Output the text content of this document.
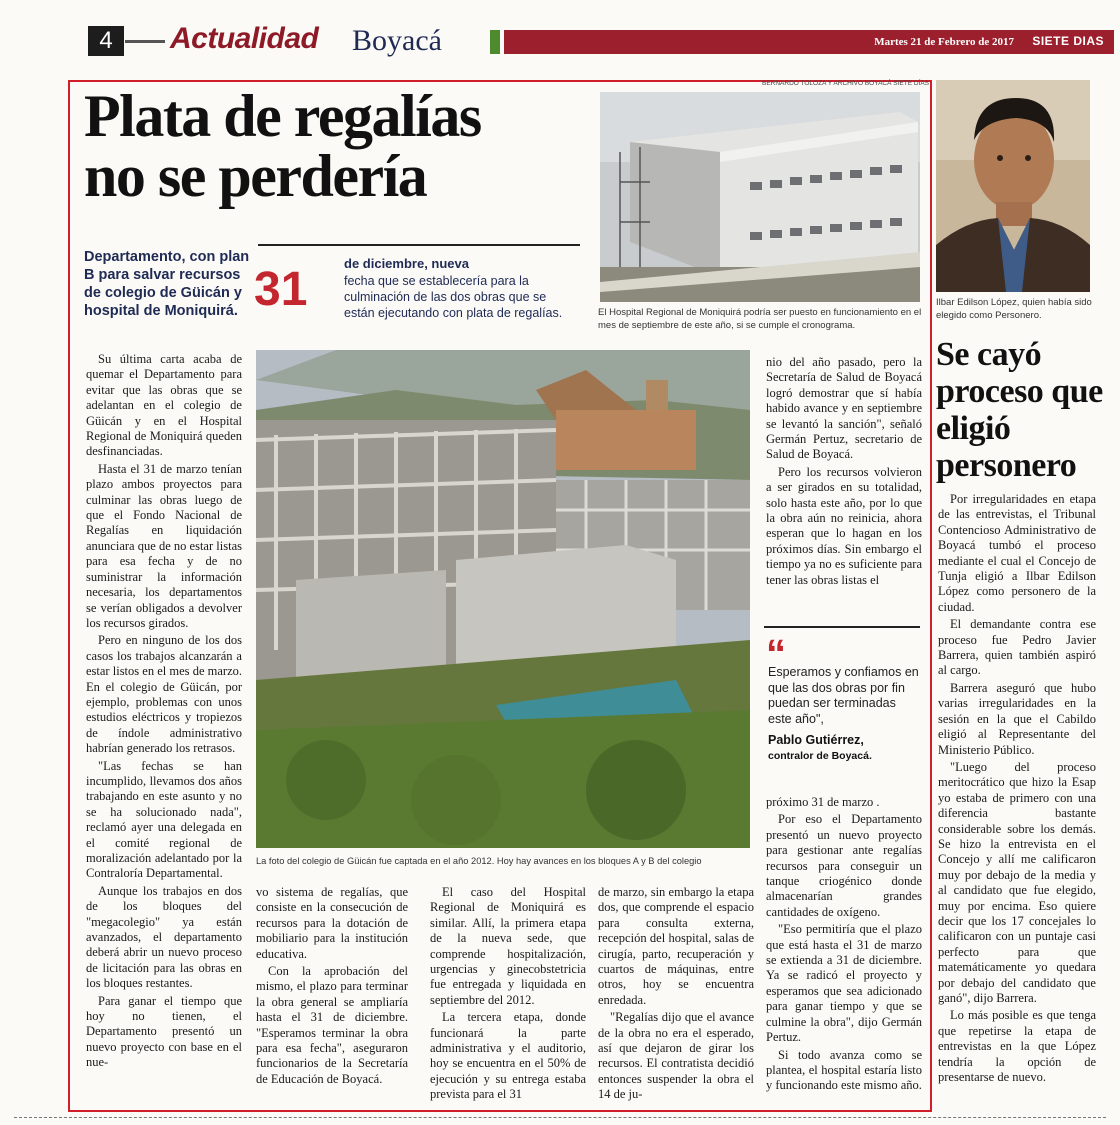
4	Actualidad Boyacá	Martes 21 de Febrero de 2017 SIETE DIAS
Plata de regalías
no se perdería
Departamento, con plan B para salvar recursos de colegio de Güicán y hospital de Moniquirá. 31	de diciembre, nueva
fecha que se establecería para la culminación de las dos obras que se están ejecutando con plata de regalías.
BERNARDO TOLOZA Y ARCHIVO BOYACÁ SIETE DÍAS
El Hospital Regional de Moniquirá podría ser puesto en funcionamiento en el mes de septiembre de este año, si se cumple el cronograma.
La foto del colegio de Güicán fue captada en el año 2012. Hoy hay avances en los bloques A y B del colegio

Su última carta acaba de quemar el Departamento para evitar que las obras que se adelantan en el colegio de Güicán y en el Hospital Regional de Moniquirá queden desfinanciadas.

Hasta el 31 de marzo tenían plazo ambos proyectos para culminar las obras luego de que el Fondo Nacional de Regalías en liquidación anunciara que de no estar listas para esa fecha y de no suministrar la información necesaria, los departamentos se verían obligados a devolver los recursos girados.

Pero en ninguno de los dos casos los trabajos alcanzarán a estar listos en el mes de marzo. En el colegio de Güicán, por ejemplo, problemas con unos estudios eléctricos y tropiezos de índole administrativo habrían generado los retrasos.

"Las fechas se han incumplido, llevamos dos años trabajando en este asunto y no se ha solucionado nada", reclamó ayer una delegada en el comité regional de moralización adelantado por la Contraloría Departamental.

Aunque los trabajos en dos de los bloques del "megacolegio" ya están avanzados, el departamento deberá abrir un nuevo proceso de licitación para las obras en los bloques restantes.

Para ganar el tiempo que hoy no tienen, el Departamento presentó un nuevo proyecto con base en el nue-

vo sistema de regalías, que consiste en la consecución de recursos para la dotación de mobiliario para la institución educativa.

Con la aprobación del mismo, el plazo para terminar la obra general se ampliaría hasta el 31 de diciembre. "Esperamos terminar la obra para esa fecha", aseguraron funcionarios de la Secretaría de Educación de Boyacá.

El caso del Hospital Regional de Moniquirá es similar. Allí, la primera etapa de la nueva sede, que comprende hospitalización, urgencias y ginecobstetricia fue entregada y liquidada en septiembre del 2012.

La tercera etapa, donde funcionará la parte administrativa y el auditorio, hoy se encuentra en el 50% de ejecución y su entrega estaba prevista para el 31

de marzo, sin embargo la etapa dos, que comprende el espacio para consulta externa, recepción del hospital, salas de cirugía, parto, recuperación y cuartos de máquinas, entre otros, hoy se encuentra enredada.

"Regalías dijo que el avance de la obra no era el esperado, así que dejaron de girar los recursos. El contratista decidió entonces suspender la obra el 14 de ju-

nio del año pasado, pero la Secretaría de Salud de Boyacá logró demostrar que sí había habido avance y en septiembre se levantó la sanción", señaló Germán Pertuz, secretario de Salud de Boyacá.

Pero los recursos volvieron a ser girados en su totalidad, solo hasta este año, por lo que la obra aún no reinicia, ahora esperan que lo hagan en los próximos días. Sin embargo el tiempo ya no es suficiente para tener las obras listas el

“
Esperamos y confiamos en que las dos obras por fin puedan ser terminadas este año",
Pablo Gutiérrez,
contralor de Boyacá.

próximo 31 de marzo .

Por eso el Departamento presentó un nuevo proyecto para gestionar ante regalías recursos para conseguir un tanque criogénico donde almacenarían grandes cantidades de oxígeno.

"Eso permitiría que el plazo que está hasta el 31 de marzo se extienda a 31 de diciembre. Ya se radicó el proyecto y esperamos que sea adicionado para ganar tiempo y que se culmine la obra", dijo Germán Pertuz.

Si todo avanza como se plantea, el hospital estaría listo y funcionando este mismo año.

Ilbar Edilson López, quien había sido elegido como Personero.
Se cayó proceso que eligió personero

Por irregularidades en etapa de las entrevistas, el Tribunal Contencioso Administrativo de Boyacá tumbó el proceso mediante el cual el Concejo de Tunja eligió a Ilbar Edilson López como personero de la ciudad.

El demandante contra ese proceso fue Pedro Javier Barrera, quien también aspiró al cargo.

Barrera aseguró que hubo varias irregularidades en la sesión en la que el Cabildo eligió al Representante del Ministerio Público.

"Luego del proceso meritocrático que hizo la Esap yo estaba de primero con una diferencia bastante considerable sobre los demás. Se hizo la entrevista en el Concejo y allí me calificaron muy por debajo de la media y al candidato que fue elegido, muy por encima. Eso quiere decir que los 17 concejales lo calificaron con un puntaje casi perfecto para que matemáticamente yo quedara por debajo del candidato que ganó", dijo Barrera.

Lo más posible es que tenga que repetirse la etapa de entrevistas en la que López tendría la opción de presentarse de nuevo.
